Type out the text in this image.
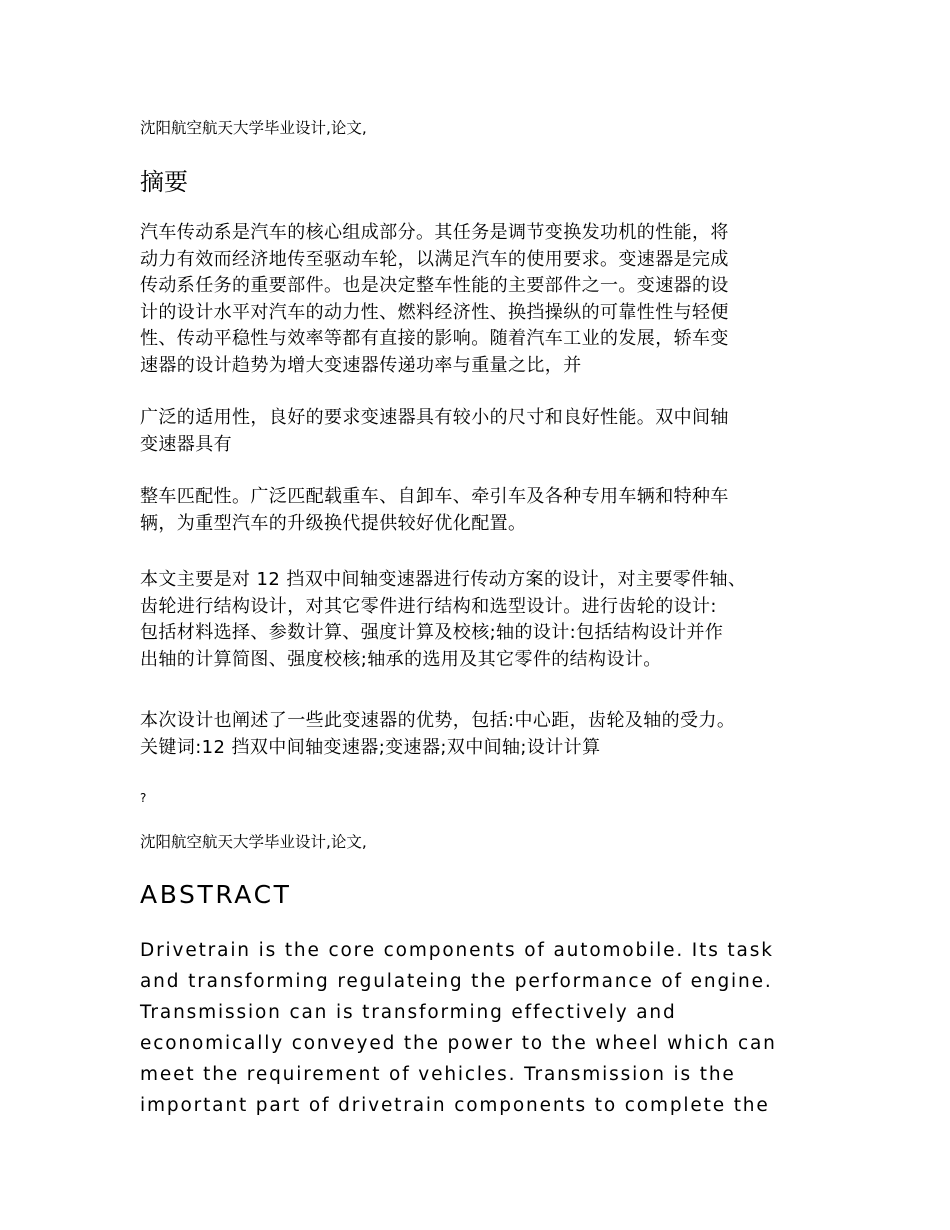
沈阳航空航天大学毕业设计,论文,
摘要
汽车传动系是汽车的核心组成部分。其任务是调节变换发功机的性能，将
动力有效而经济地传至驱动车轮，以满足汽车的使用要求。变速器是完成
传动系任务的重要部件。也是决定整车性能的主要部件之一。变速器的设
计的设计水平对汽车的动力性、燃料经济性、换挡操纵的可靠性性与轻便
性、传动平稳性与效率等都有直接的影响。随着汽车工业的发展，轿车变
速器的设计趋势为增大变速器传递功率与重量之比，并
广泛的适用性，良好的要求变速器具有较小的尺寸和良好性能。双中间轴
变速器具有
整车匹配性。广泛匹配载重车、自卸车、牵引车及各种专用车辆和特种车
辆，为重型汽车的升级换代提供较好优化配置。
本文主要是对 12 挡双中间轴变速器进行传动方案的设计，对主要零件轴、
齿轮进行结构设计，对其它零件进行结构和选型设计。进行齿轮的设计:
包括材料选择、参数计算、强度计算及校核;轴的设计:包括结构设计并作
出轴的计算简图、强度校核;轴承的选用及其它零件的结构设计。
本次设计也阐述了一些此变速器的优势，包括:中心距，齿轮及轴的受力。
关键词:12 挡双中间轴变速器;变速器;双中间轴;设计计算
?
沈阳航空航天大学毕业设计,论文,
ABSTRACT
Drivetrain is the core components of automobile. Its task
and transforming regulateing the performance of engine.
Transmission can is transforming effectively and
economically conveyed the power to the wheel which can
meet the requirement of vehicles. Transmission is the
important part of drivetrain components to complete the
